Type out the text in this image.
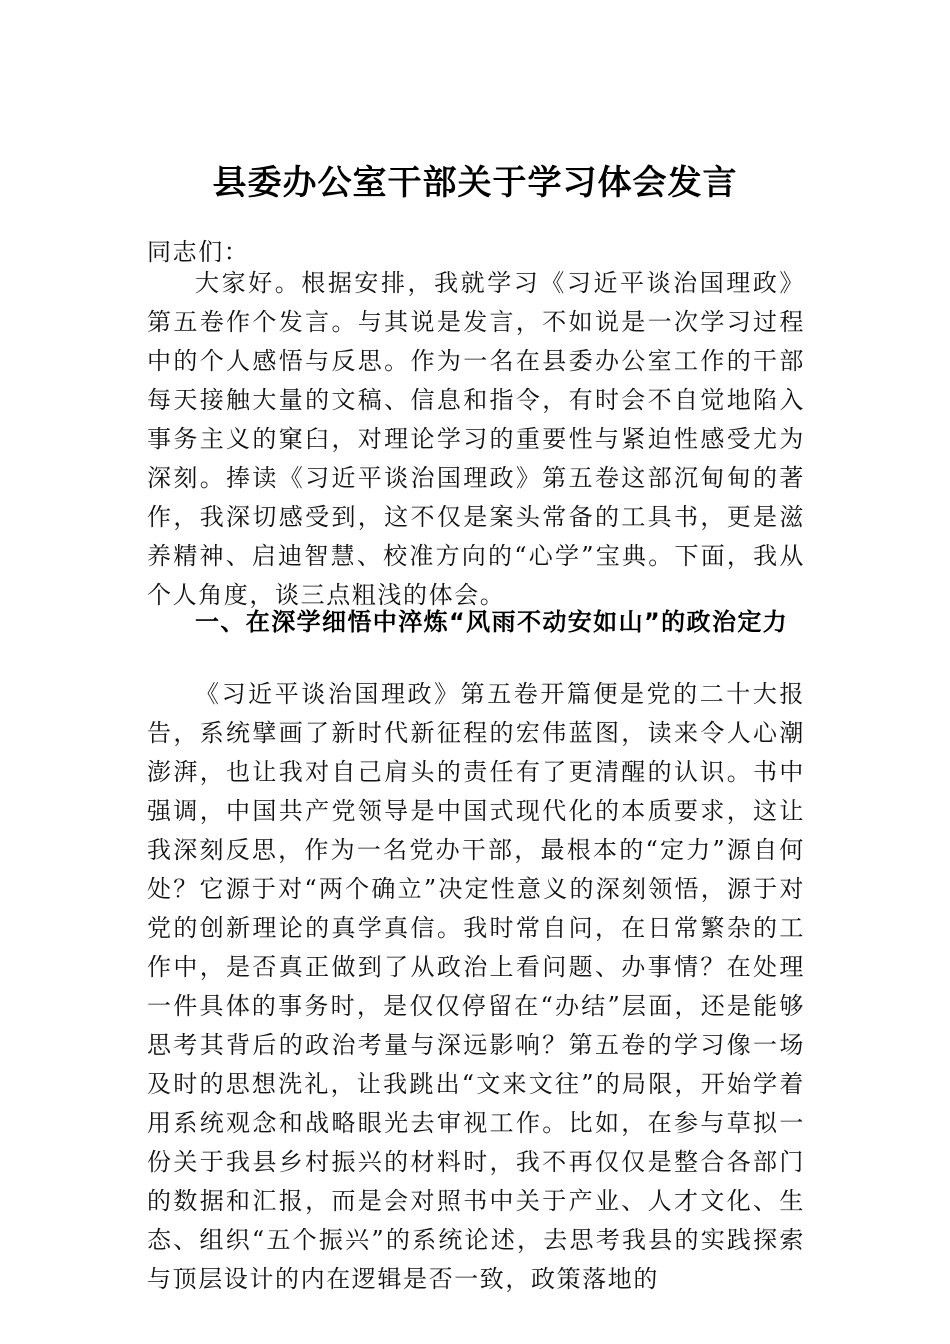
县委办公室干部关于学习体会发言
同志们：

大家好。根据安排，我就学习《习近平谈治国理政》第五卷作个发言。与其说是发言，不如说是一次学习过程中的个人感悟与反思。作为一名在县委办公室工作的干部每天接触大量的文稿、信息和指令，有时会不自觉地陷入事务主义的窠臼，对理论学习的重要性与紧迫性感受尤为深刻。捧读《习近平谈治国理政》第五卷这部沉甸甸的著作，我深切感受到，这不仅是案头常备的工具书，更是滋养精神、启迪智慧、校准方向的“心学”宝典。下面，我从个人角度，谈三点粗浅的体会。

一、在深学细悟中淬炼“风雨不动安如山”的政治定力

《习近平谈治国理政》第五卷开篇便是党的二十大报告，系统擘画了新时代新征程的宏伟蓝图，读来令人心潮澎湃，也让我对自己肩头的责任有了更清醒的认识。书中强调，中国共产党领导是中国式现代化的本质要求，这让我深刻反思，作为一名党办干部，最根本的“定力”源自何处？它源于对“两个确立”决定性意义的深刻领悟，源于对党的创新理论的真学真信。我时常自问，在日常繁杂的工作中，是否真正做到了从政治上看问题、办事情？在处理一件具体的事务时，是仅仅停留在“办结”层面，还是能够思考其背后的政治考量与深远影响？第五卷的学习像一场及时的思想洗礼，让我跳出“文来文往”的局限，开始学着用系统观念和战略眼光去审视工作。比如，在参与草拟一份关于我县乡村振兴的材料时，我不再仅仅是整合各部门的数据和汇报，而是会对照书中关于产业、人才文化、生态、组织“五个振兴”的系统论述，去思考我县的实践探索与顶层设计的内在逻辑是否一致，政策落地的
